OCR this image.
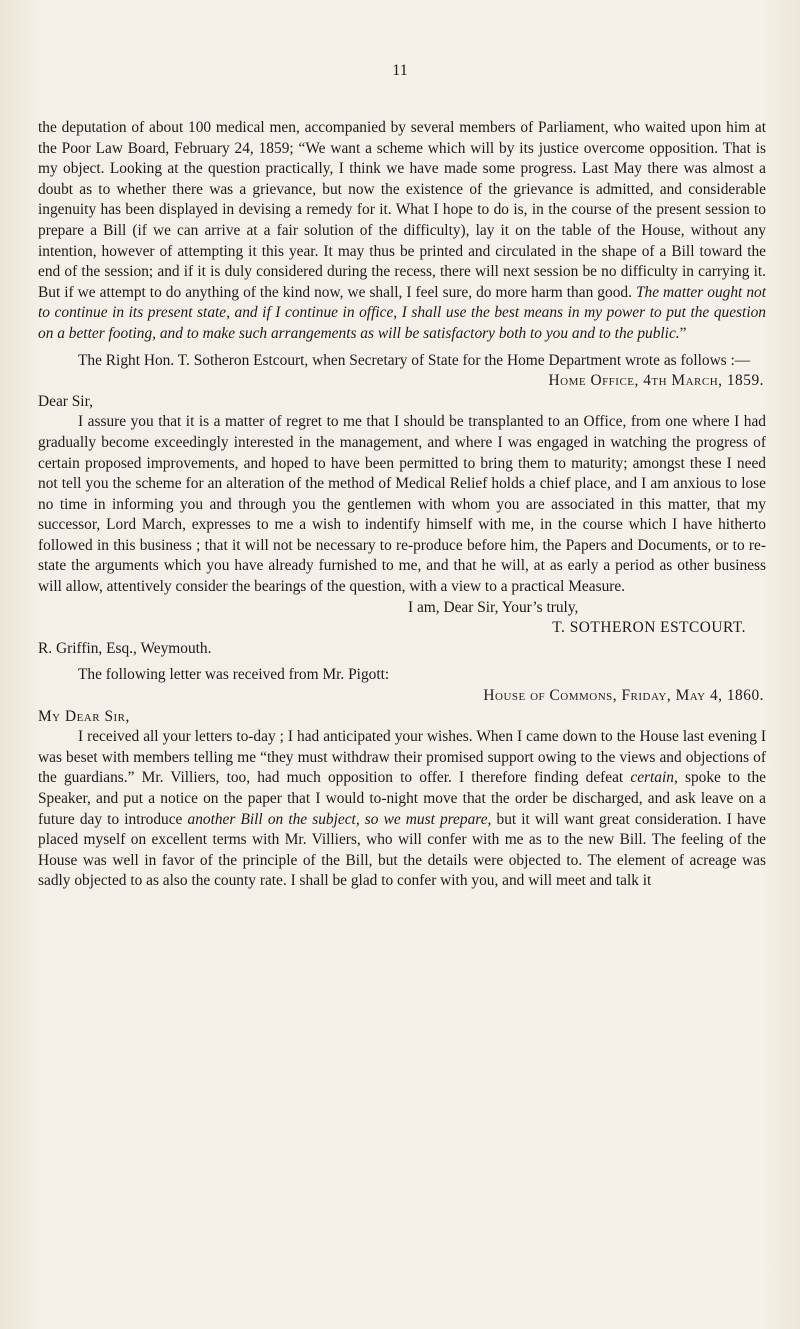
11

the deputation of about 100 medical men, accompanied by several members of Parliament, who waited upon him at the Poor Law Board, February 24, 1859; “We want a scheme which will by its justice overcome opposition. That is my object. Looking at the question practically, I think we have made some progress. Last May there was almost a doubt as to whether there was a grievance, but now the existence of the grievance is admitted, and considerable ingenuity has been displayed in devising a remedy for it. What I hope to do is, in the course of the present session to prepare a Bill (if we can arrive at a fair solution of the difficulty), lay it on the table of the House, without any intention, however of attempting it this year. It may thus be printed and circulated in the shape of a Bill toward the end of the session; and if it is duly considered during the recess, there will next session be no difficulty in carrying it. But if we attempt to do anything of the kind now, we shall, I feel sure, do more harm than good. The matter ought not to continue in its present state, and if I continue in office, I shall use the best means in my power to put the question on a better footing, and to make such arrangements as will be satisfactory both to you and to the public.”

The Right Hon. T. Sotheron Estcourt, when Secretary of State for the Home Department wrote as follows :—

Home Office, 4th March, 1859.

Dear Sir,

I assure you that it is a matter of regret to me that I should be transplanted to an Office, from one where I had gradually become exceedingly interested in the management, and where I was engaged in watching the progress of certain proposed improvements, and hoped to have been permitted to bring them to maturity; amongst these I need not tell you the scheme for an alteration of the method of Medical Relief holds a chief place, and I am anxious to lose no time in informing you and through you the gentlemen with whom you are associated in this matter, that my successor, Lord March, expresses to me a wish to indentify himself with me, in the course which I have hitherto followed in this business ; that it will not be necessary to re-produce before him, the Papers and Documents, or to re-state the arguments which you have already furnished to me, and that he will, at as early a period as other business will allow, attentively consider the bearings of the question, with a view to a practical Measure.

I am, Dear Sir, Your’s truly,

T. SOTHERON ESTCOURT.

R. Griffin, Esq., Weymouth.

The following letter was received from Mr. Pigott:

House of Commons, Friday, May 4, 1860.

My Dear Sir,

I received all your letters to-day ; I had anticipated your wishes. When I came down to the House last evening I was beset with members telling me “they must withdraw their promised support owing to the views and objections of the guardians.” Mr. Villiers, too, had much opposition to offer. I therefore finding defeat certain, spoke to the Speaker, and put a notice on the paper that I would to-night move that the order be discharged, and ask leave on a future day to introduce another Bill on the subject, so we must prepare, but it will want great consideration. I have placed myself on excellent terms with Mr. Villiers, who will confer with me as to the new Bill. The feeling of the House was well in favor of the principle of the Bill, but the details were objected to. The element of acreage was sadly objected to as also the county rate. I shall be glad to confer with you, and will meet and talk it
